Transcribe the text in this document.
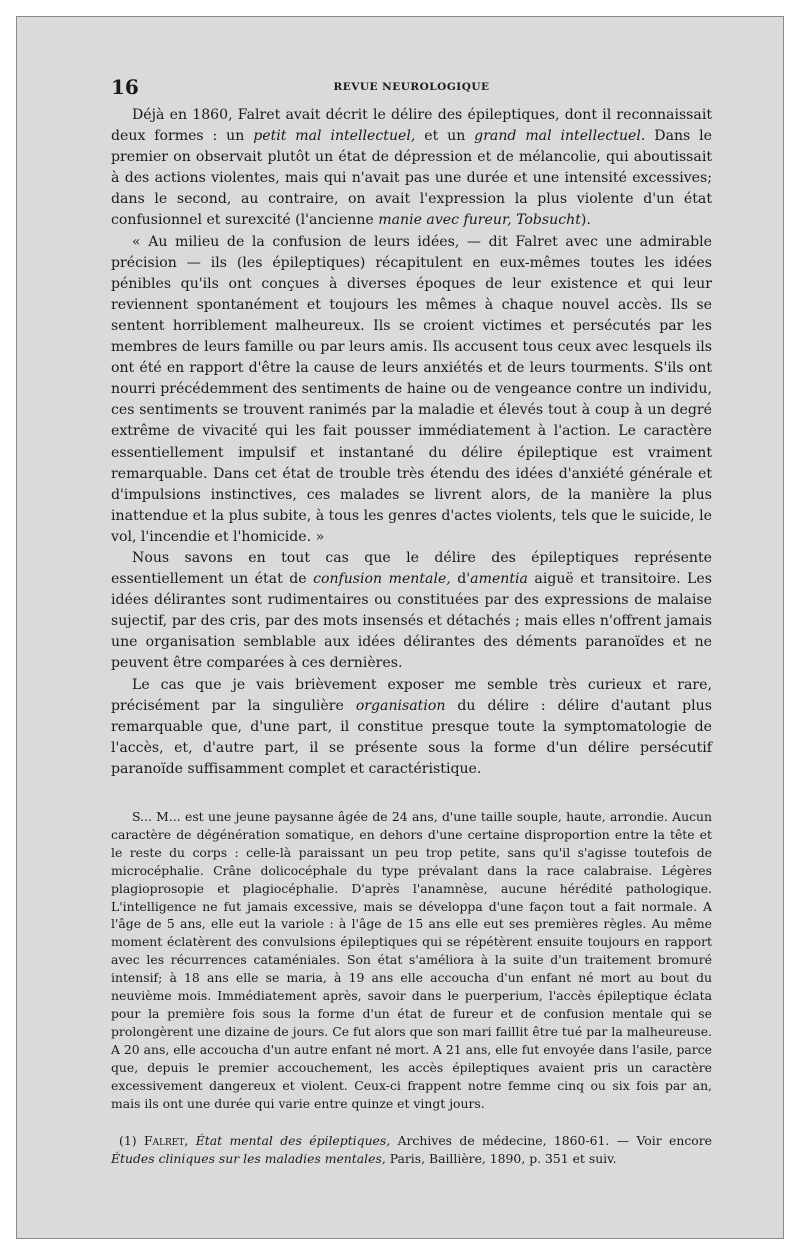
16	REVUE NEUROLOGIQUE

Déjà en 1860, Falret avait décrit le délire des épileptiques, dont il reconnaissait deux formes : un petit mal intellectuel, et un grand mal intellectuel. Dans le premier on observait plutôt un état de dépression et de mélancolie, qui aboutissait à des actions violentes, mais qui n'avait pas une durée et une intensité excessives; dans le second, au contraire, on avait l'expression la plus violente d'un état confusionnel et surexcité (l'ancienne manie avec fureur, Tobsucht).

« Au milieu de la confusion de leurs idées, — dit Falret avec une admirable précision — ils (les épileptiques) récapitulent en eux-mêmes toutes les idées pénibles qu'ils ont conçues à diverses époques de leur existence et qui leur reviennent spontanément et toujours les mêmes à chaque nouvel accès. Ils se sentent horriblement malheureux. Ils se croient victimes et persécutés par les membres de leurs famille ou par leurs amis. Ils accusent tous ceux avec lesquels ils ont été en rapport d'être la cause de leurs anxiétés et de leurs tourments. S'ils ont nourri précédemment des sentiments de haine ou de vengeance contre un individu, ces sentiments se trouvent ranimés par la maladie et élevés tout à coup à un degré extrême de vivacité qui les fait pousser immédiatement à l'action. Le caractère essentiellement impulsif et instantané du délire épileptique est vraiment remarquable. Dans cet état de trouble très étendu des idées d'anxiété générale et d'impulsions instinctives, ces malades se livrent alors, de la manière la plus inattendue et la plus subite, à tous les genres d'actes violents, tels que le suicide, le vol, l'incendie et l'homicide. »

Nous savons en tout cas que le délire des épileptiques représente essentiellement un état de confusion mentale, d'amentia aiguë et transitoire. Les idées délirantes sont rudimentaires ou constituées par des expressions de malaise sujectif, par des cris, par des mots insensés et détachés ; mais elles n'offrent jamais une organisation semblable aux idées délirantes des déments paranoïdes et ne peuvent être comparées à ces dernières.

Le cas que je vais brièvement exposer me semble très curieux et rare, précisément par la singulière organisation du délire : délire d'autant plus remarquable que, d'une part, il constitue presque toute la symptomatologie de l'accès, et, d'autre part, il se présente sous la forme d'un délire persécutif paranoïde suffisamment complet et caractéristique.

S... M... est une jeune paysanne âgée de 24 ans, d'une taille souple, haute, arrondie. Aucun caractère de dégénération somatique, en dehors d'une certaine disproportion entre la tête et le reste du corps : celle-là paraissant un peu trop petite, sans qu'il s'agisse toutefois de microcéphalie. Crâne dolicocéphale du type prévalant dans la race calabraise. Légères plagioprosopie et plagiocéphalie. D'après l'anamnèse, aucune hérédité pathologique. L'intelligence ne fut jamais excessive, mais se développa d'une façon tout a fait normale. A l'âge de 5 ans, elle eut la variole : à l'âge de 15 ans elle eut ses premières règles. Au même moment éclatèrent des convulsions épileptiques qui se répétèrent ensuite toujours en rapport avec les récurrences cataméniales. Son état s'améliora à la suite d'un traitement bromuré intensif; à 18 ans elle se maria, à 19 ans elle accoucha d'un enfant né mort au bout du neuvième mois. Immédiatement après, savoir dans le puerperium, l'accès épileptique éclata pour la première fois sous la forme d'un état de fureur et de confusion mentale qui se prolongèrent une dizaine de jours. Ce fut alors que son mari faillit être tué par la malheureuse. A 20 ans, elle accoucha d'un autre enfant né mort. A 21 ans, elle fut envoyée dans l'asile, parce que, depuis le premier accouchement, les accès épileptiques avaient pris un caractère excessivement dangereux et violent. Ceux-ci frappent notre femme cinq ou six fois par an, mais ils ont une durée qui varie entre quinze et vingt jours.

(1) Falret, État mental des épileptiques, Archives de médecine, 1860-61. — Voir encore Études cliniques sur les maladies mentales, Paris, Baillière, 1890, p. 351 et suiv.
